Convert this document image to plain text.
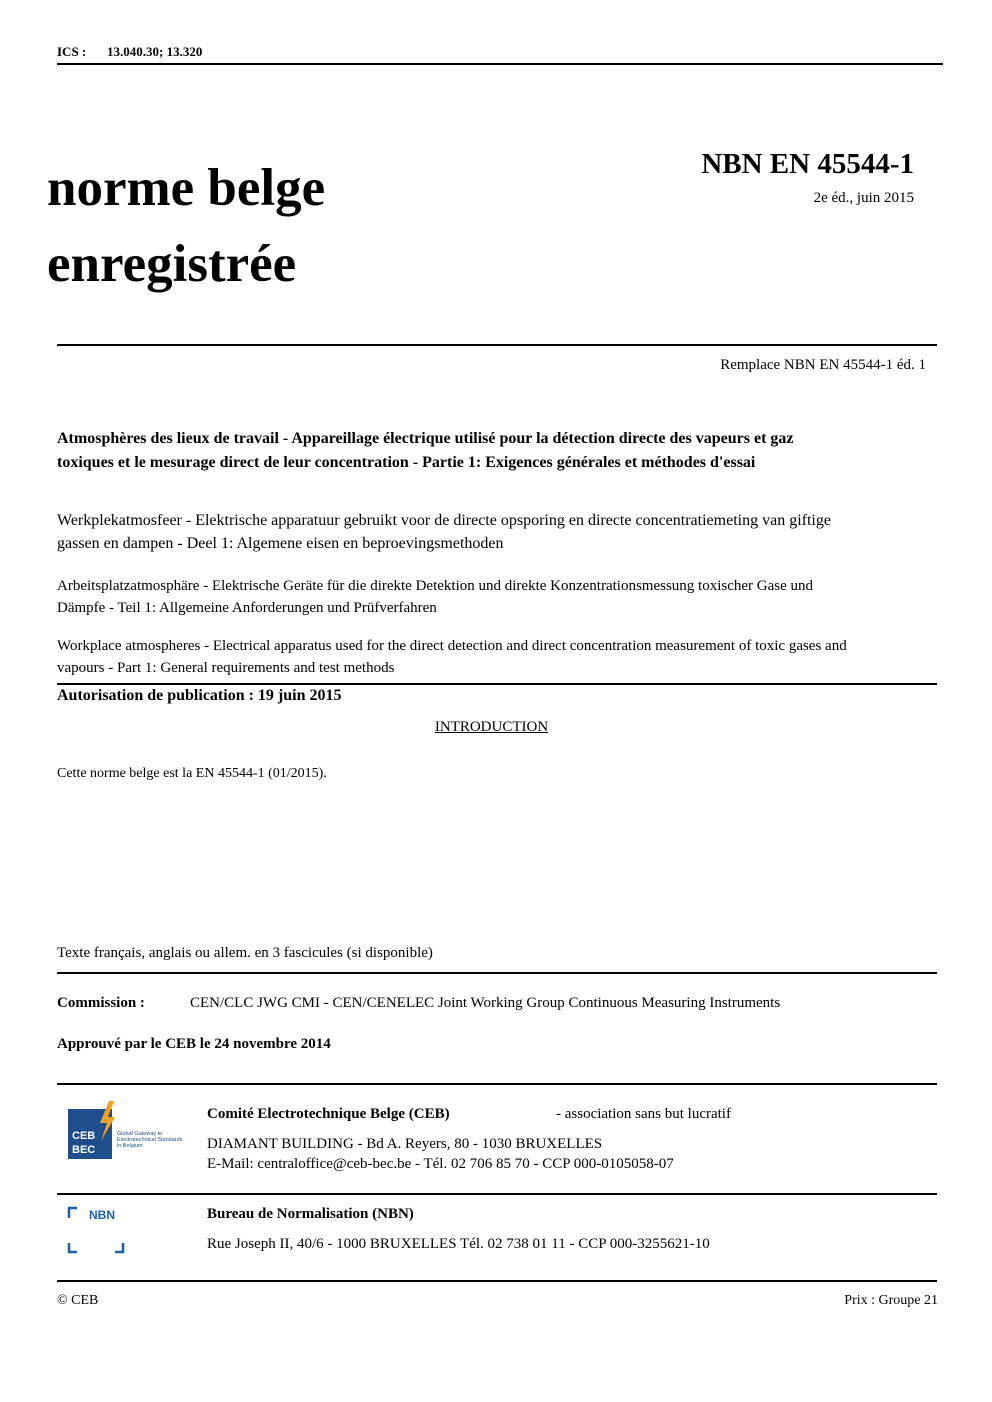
ICS : 13.040.30; 13.320
norme belge
enregistrée
NBN EN 45544-1
2e éd., juin 2015
Remplace NBN EN 45544-1 éd. 1
Atmosphères des lieux de travail - Appareillage électrique utilisé pour la détection directe des vapeurs et gaz toxiques et le mesurage direct de leur concentration - Partie 1: Exigences générales et méthodes d'essai
Werkplekatmosfeer - Elektrische apparatuur gebruikt voor de directe opsporing en directe concentratiemeting van giftige gassen en dampen - Deel 1: Algemene eisen en beproevingsmethoden
Arbeitsplatzatmosphäre - Elektrische Geräte für die direkte Detektion und direkte Konzentrationsmessung toxischer Gase und Dämpfe - Teil 1: Allgemeine Anforderungen und Prüfverfahren
Workplace atmospheres - Electrical apparatus used for the direct detection and direct concentration measurement of toxic gases and vapours - Part 1: General requirements and test methods
Autorisation de publication : 19 juin 2015
INTRODUCTION
Cette norme belge est la EN 45544-1 (01/2015).
Texte français, anglais ou allem. en 3 fascicules (si disponible)
Commission :	CEN/CLC JWG CMI - CEN/CENELEC Joint Working Group Continuous Measuring Instruments
Approuvé par le CEB le 24 novembre 2014
CEB
BEC
Global Gateway to Electrotechnical Standards in Belgium
Comité Electrotechnique Belge (CEB)	- association sans but lucratif
DIAMANT BUILDING - Bd A. Reyers, 80 - 1030 BRUXELLES
E-Mail: centraloffice@ceb-bec.be - Tél. 02 706 85 70 - CCP 000-0105058-07
NBN	Bureau de Normalisation (NBN)
Rue Joseph II, 40/6 - 1000 BRUXELLES Tél. 02 738 01 11 - CCP 000-3255621-10
© CEB	Prix : Groupe 21
